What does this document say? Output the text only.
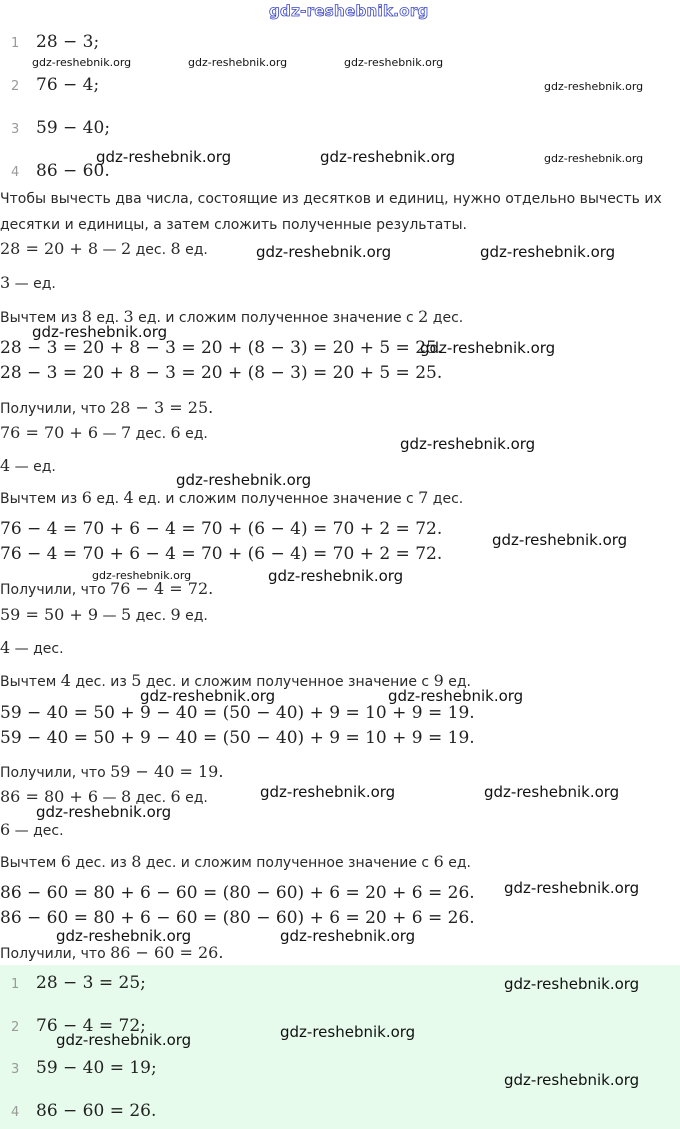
gdz-reshebnik.org
1 28 − 3;
2 76 − 4;
3 59 − 40;
4 86 − 60.
Чтобы вычесть два числа, состоящие из десятков и единиц, нужно отдельно вычесть их десятки и единицы, а затем сложить полученные результаты.
28 = 20 + 8 — 2 дес. 8 ед.
3 — ед.
Вычтем из 8 ед. 3 ед. и сложим полученное значение с 2 дес.
28 − 3 = 20 + 8 − 3 = 20 + (8 − 3) = 20 + 5 = 25.
28 − 3 = 20 + 8 − 3 = 20 + (8 − 3) = 20 + 5 = 25.
Получили, что 28 − 3 = 25.
76 = 70 + 6 — 7 дес. 6 ед.
4 — ед.
Вычтем из 6 ед. 4 ед. и сложим полученное значение с 7 дес.
76 − 4 = 70 + 6 − 4 = 70 + (6 − 4) = 70 + 2 = 72.
76 − 4 = 70 + 6 − 4 = 70 + (6 − 4) = 70 + 2 = 72.
Получили, что 76 − 4 = 72.
59 = 50 + 9 — 5 дес. 9 ед.
4 — дес.
Вычтем 4 дес. из 5 дес. и сложим полученное значение с 9 ед.
59 − 40 = 50 + 9 − 40 = (50 − 40) + 9 = 10 + 9 = 19.
59 − 40 = 50 + 9 − 40 = (50 − 40) + 9 = 10 + 9 = 19.
Получили, что 59 − 40 = 19.
86 = 80 + 6 — 8 дес. 6 ед.
6 — дес.
Вычтем 6 дес. из 8 дес. и сложим полученное значение с 6 ед.
86 − 60 = 80 + 6 − 60 = (80 − 60) + 6 = 20 + 6 = 26.
86 − 60 = 80 + 6 − 60 = (80 − 60) + 6 = 20 + 6 = 26.
Получили, что 86 − 60 = 26.
1 28 − 3 = 25;
2 76 − 4 = 72;
3 59 − 40 = 19;
4 86 − 60 = 26.
gdz-reshebnik.org	gdz-reshebnik.org	gdz-reshebnik.org
gdz-reshebnik.org
gdz-reshebnik.org	gdz-reshebnik.org	gdz-reshebnik.org
gdz-reshebnik.org	gdz-reshebnik.org
gdz-reshebnik.org
gdz-reshebnik.org
gdz-reshebnik.org
gdz-reshebnik.org
gdz-reshebnik.org
gdz-reshebnik.org	gdz-reshebnik.org
gdz-reshebnik.org	gdz-reshebnik.org
gdz-reshebnik.org	gdz-reshebnik.org
gdz-reshebnik.org
gdz-reshebnik.org
gdz-reshebnik.org	gdz-reshebnik.org
gdz-reshebnik.org
gdz-reshebnik.org
gdz-reshebnik.org
gdz-reshebnik.org
